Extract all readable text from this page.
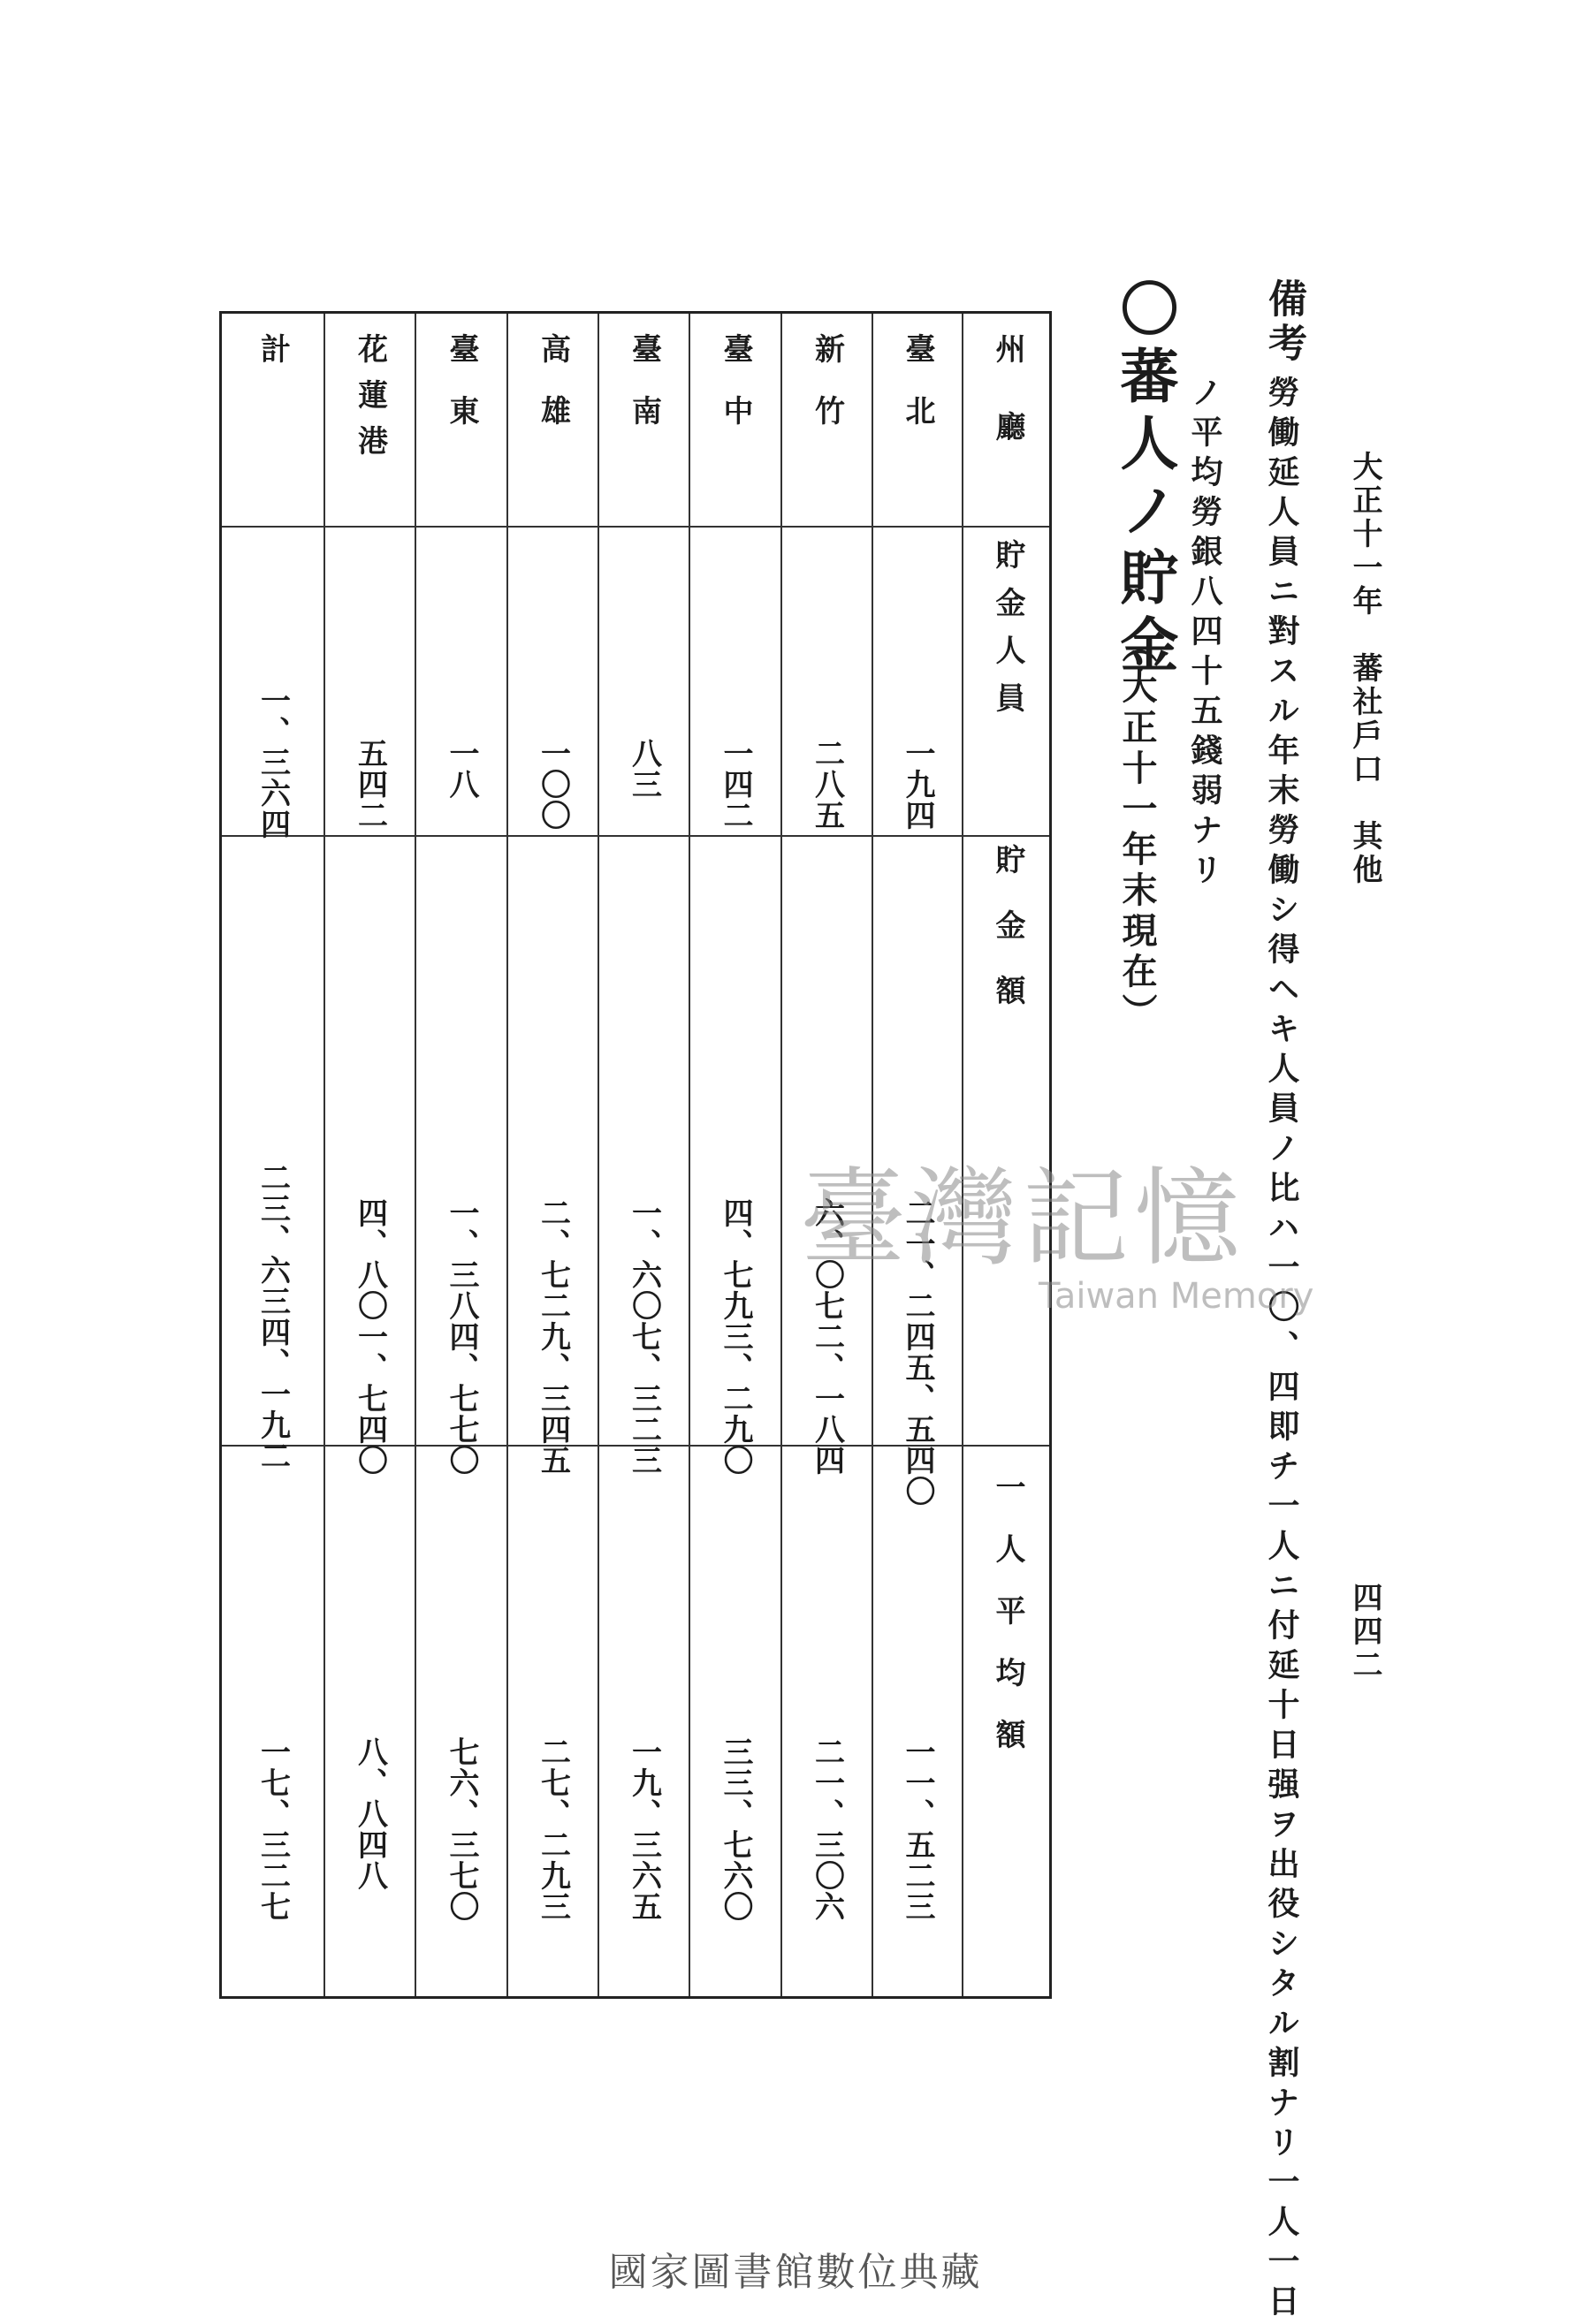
大正十一年　蕃社戶口　其他
四四二
備考
勞働延人員ニ對スル年末勞働シ得ヘキ人員ノ比ハ一〇、四即チ一人ニ付延十日强ヲ出役シタル割ナリ一人一日
ノ平均勞銀八四十五錢弱ナリ
〇蕃人ノ貯金
（大正十一年末現在）
州廳
貯金人員
貯金額
一人平均額
臺北
一九四
二一、二四五、五四〇
一一、五二三
新竹
二八五
六、〇七二、一八四
二一、三〇六
臺中
一四二
四、七九三、二九〇
三三、七六〇
臺南
八三
一、六〇七、三二三
一九、三六五
高雄
一〇〇
二、七二九、三四五
二七、二九三
臺東
一八
一、三八四、七七〇
七六、三七〇
花蓮港
五四二
四、八〇一、七四〇
八、八四八
計
一、三六四
二三、六三四、一九二
一七、三二七
臺灣記憶
Taiwan Memory
國家圖書館數位典藏
